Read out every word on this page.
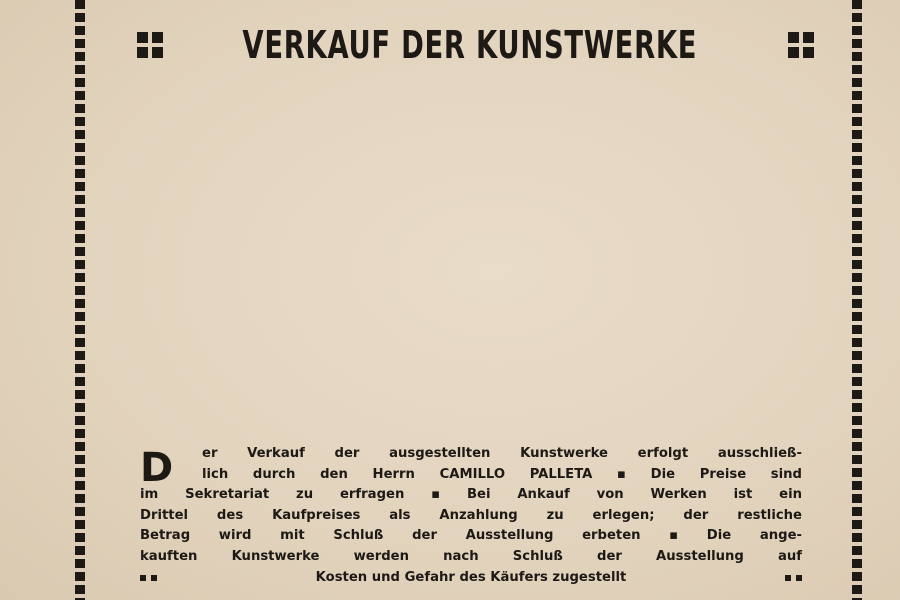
VERKAUF DER KUNSTWERKE
D er Verkauf der ausgestellten Kunstwerke erfolgt ausschließ-
lich durch den Herrn CAMILLO PALLETA ▪ Die Preise sind
im Sekretariat zu erfragen ▪ Bei Ankauf von Werken ist ein
Drittel des Kaufpreises als Anzahlung zu erlegen; der restliche
Betrag wird mit Schluß der Ausstellung erbeten ▪ Die ange-
kauften Kunstwerke werden nach Schluß der Ausstellung auf
Kosten und Gefahr des Käufers zugestellt
